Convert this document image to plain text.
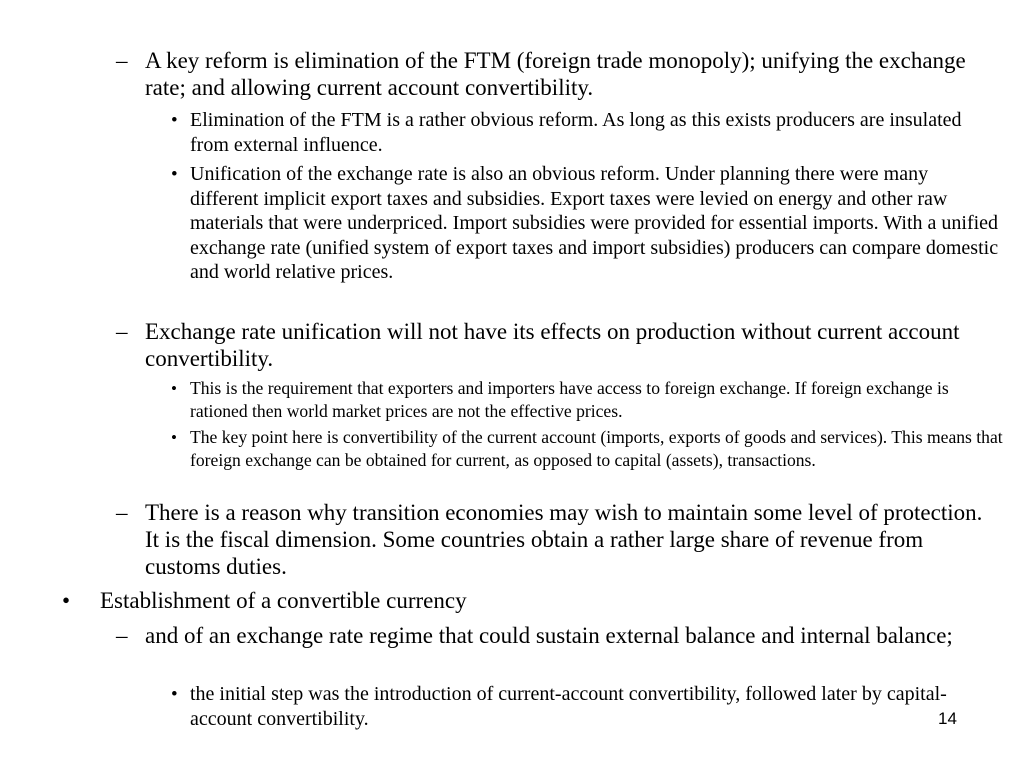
– A key reform is elimination of the FTM (foreign trade monopoly); unifying the exchange rate; and allowing current account convertibility.
• Elimination of the FTM is a rather obvious reform. As long as this exists producers are insulated from external influence.
• Unification of the exchange rate is also an obvious reform. Under planning there were many different implicit export taxes and subsidies. Export taxes were levied on energy and other raw materials that were underpriced. Import subsidies were provided for essential imports. With a unified exchange rate (unified system of export taxes and import subsidies) producers can compare domestic and world relative prices.
– Exchange rate unification will not have its effects on production without current account convertibility.
• This is the requirement that exporters and importers have access to foreign exchange. If foreign exchange is rationed then world market prices are not the effective prices.
• The key point here is convertibility of the current account (imports, exports of goods and services). This means that foreign exchange can be obtained for current, as opposed to capital (assets), transactions.
– There is a reason why transition economies may wish to maintain some level of protection. It is the fiscal dimension. Some countries obtain a rather large share of revenue from customs duties.
• Establishment of a convertible currency
– and of an exchange rate regime that could sustain external balance and internal balance;
• the initial step was the introduction of current-account convertibility, followed later by capital-account convertibility.	14
